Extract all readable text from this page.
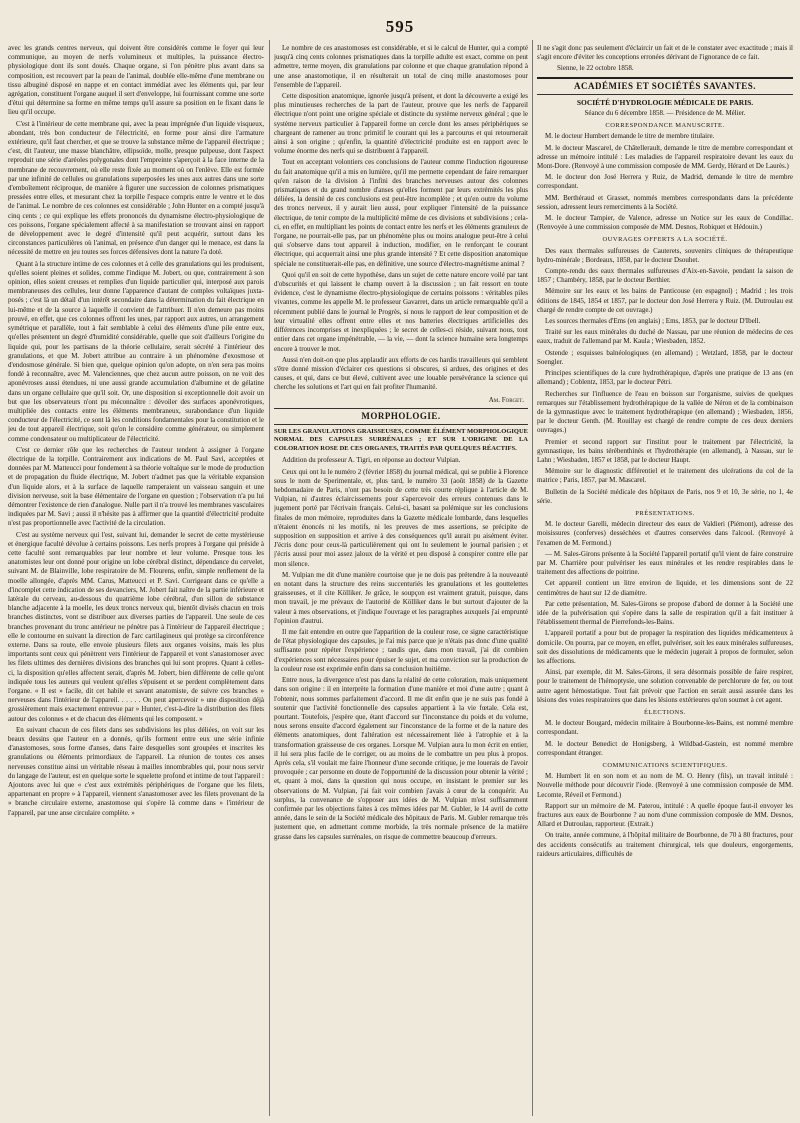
595

avec les grands centres nerveux, qui doivent être considérés comme le foyer qui leur communique, au moyen de nerfs volumineux et multiples, la puissance électro-physiologique dont ils sont doués. Chaque organe, si l'on pénètre plus avant dans sa composition, est recouvert par la peau de l'animal, doublée elle-même d'une membrane ou tissu albuginé disposé en nappe et en contact immédiat avec les éléments qui, par leur agrégation, constituent l'organe auquel il sert d'enveloppe, lui fournissant comme une sorte d'étui qui détermine sa forme en même temps qu'il assure sa position en le fixant dans le lieu qu'il occupe.

C'est à l'intérieur de cette membrane qui, avec la peau imprégnée d'un liquide visqueux, abondant, très bon conducteur de l'électricité, en forme pour ainsi dire l'armature extérieure, qu'il faut chercher, et que se trouve la substance même de l'appareil électrique ; c'est, dit l'auteur, une masse blanchâtre, ellipsoïde, molle, presque pulpeuse, dont l'aspect reproduit une série d'aréoles polygonales dont l'empreinte s'aperçoit à la face interne de la membrane de recouvrement, où elle reste fixée au moment où on l'enlève. Elle est formée par une infinité de cellules ou granulations superposées les unes aux autres dans une sorte d'emboîtement réciproque, de manière à figurer une succession de colonnes prismatiques pressées entre elles, et mesurant chez la torpille l'espace compris entre le ventre et le dos de l'animal. Le nombre de ces colonnes est considérable ; John Hunter en a compté jusqu'à cinq cents ; ce qui explique les effets prononcés du dynamisme électro-physiologique de ces poissons, l'organe spécialement affecté à sa manifestation se trouvant ainsi en rapport de développement avec le degré d'intensité qu'il peut acquérir, surtout dans les circonstances particulières où l'animal, en présence d'un danger qui le menace, est dans la nécessité de mettre en jeu toutes ses forces défensives dont la nature l'a doté.

Quant à la structure intime de ces colonnes et à celle des granulations qui les produisent, qu'elles soient pleines et solides, comme l'indique M. Jobert, ou que, contrairement à son opinion, elles soient creuses et remplies d'un liquide particulier qui, interposé aux parois membraneuses des cellules, leur donne l'apparence d'autant de comples voltaïques juxta-posés ; c'est là un détail d'un intérêt secondaire dans la détermination du fait électrique en lui-même et de la source à laquelle il convient de l'attribuer. Il n'en demeure pas moins prouvé, en effet, que ces colonnes offrent les unes, par rapport aux autres, un arrangement symétrique et parallèle, tout à fait semblable à celui des éléments d'une pile entre eux, qu'elles présentent un degré d'humidité considérable, quelle que soit d'ailleurs l'origine du liquide qui, pour les partisans de la théorie cellulaire, serait sécrété à l'intérieur des granulations, et que M. Jobert attribue au contraire à un phénomène d'exosmose et d'endosmose générale. Si bien que, quelque opinion qu'on adopte, on n'en sera pas moins fondé à reconnaître, avec M. Valenciennes, que chez aucun autre poisson, on ne voit des aponévroses aussi étendues, ni une aussi grande accumulation d'albumine et de gélatine dans un organe cellulaire que qu'il soit. Or, une disposition si exceptionnelle doit avoir un but que les observateurs n'ont pu méconnaître : dévoiler des surfaces aponévrotiques, multipliée des contacts entre les éléments membraneux, surabondance d'un liquide conducteur de l'électricité, ce sont là les conditions fondamentales pour la constitution et le jeu de tout appareil électrique, soit qu'on le considère comme générateur, ou simplement comme condensateur ou multiplicateur de l'électricité.

C'est ce dernier rôle que les recherches de l'auteur tendent à assigner à l'organe électrique de la torpille. Contrairement aux indications de M. Paul Savi, acceptées et données par M. Matteucci pour fondement à sa théorie voltaïque sur le mode de production et de propagation du fluide électrique, M. Jobert n'admet pas que la véritable expansion d'un liquide alors, et à la surface de laquelle ramperaient un vaisseau sanguin et une division nerveuse, soit la base élémentaire de l'organe en question ; l'observation n'a pu lui démontrer l'existence de rien d'analogue. Nulle part il n'a trouvé les membranes vasculaires indiquées par M. Savi ; aussi il n'hésite pas à affirmer que la quantité d'électricité produite n'est pas proportionnelle avec l'activité de la circulation.

C'est au système nerveux qui l'est, suivant lui, demander le secret de cette mystérieuse et énergique faculté dévolue à certains poissons. Les nerfs propres à l'organe qui préside à cette faculté sont remarquables par leur nombre et leur volume. Presque tous les anatomistes leur ont donné pour origine un lobe cérébral distinct, dépendance du cervelet, suivant M. de Blainville, lobe respiratoire de M. Flourens, enfin, simple renflement de la moelle allongée, d'après MM. Carus, Matteucci et P. Savi. Corrigeant dans ce qu'elle a d'incomplet cette indication de ses devanciers, M. Jobert fait naître de la partie inférieure et latérale du cerveau, au-dessous du quatrième lobe cérébral, d'un sillon de substance blanche adjacente à la moelle, les deux troncs nerveux qui, bientôt divisés chacun en trois branches distinctes, vont se distribuer aux diverses parties de l'appareil. Une seule de ces branches provenant du tronc antérieur ne pénètre pas à l'intérieur de l'appareil électrique ; elle le contourne en suivant la direction de l'arc cartilagineux qui protège sa circonférence externe. Dans sa route, elle envoie plusieurs filets aux organes voisins, mais les plus importants sont ceux qui pénètrent vers l'intérieur de l'appareil et vont s'anastomoser avec les filets ultimes des dernières divisions des branches qui lui sont propres. Quant à celles-ci, la disposition qu'elles affectent serait, d'après M. Jobert, bien différente de celle qu'ont indiquée tous les auteurs qui veulent qu'elles s'épuisent et se perdent complètement dans l'organe. « Il est » facile, dit cet habile et savant anatomiste, de suivre ces branches » nerveuses dans l'intérieur de l'appareil. . . . . . On peut apercevoir » une disposition déjà grossièrement mais exactement entrevue par » Hunter, c'est-à-dire la distribution des filets autour des colonnes » et de chacun des éléments qui les composent. »

En suivant chacun de ces filets dans ses subdivisions les plus déliées, on voit sur les beaux dessins que l'auteur en a donnés, qu'ils forment entre eux une série infinie d'anastomoses, sous forme d'anses, dans l'aire desquelles sont groupées et inscrites les granulations ou éléments primordiaux de l'appareil. La réunion de toutes ces anses nerveuses constitue ainsi un véritable réseau à mailles innombrables qui, pour nous servir du langage de l'auteur, est en quelque sorte le squelette profond et intime de tout l'appareil : Ajoutons avec lui que « c'est aux extrémités périphériques de l'organe que les filets, appartenant en propre » à l'appareil, viennent s'anastomoser avec les filets provenant de la » branche circulaire externe, anastomose qui s'opère là comme dans » l'intérieur de l'appareil, par une anse circulaire complète. »

Le nombre de ces anastomoses est considérable, et si le calcul de Hunter, qui a compté jusqu'à cinq cents colonnes prismatiques dans la torpille adulte est exact, comme on peut admettre, terme moyen, dix granulations par colonne et que chaque granulation répond à une anse anastomotique, il en résulterait un total de cinq mille anastomoses pour l'ensemble de l'appareil.

Cette disposition anatomique, ignorée jusqu'à présent, et dont la découverte a exigé les plus minutieuses recherches de la part de l'auteur, prouve que les nerfs de l'appareil électrique n'ont point une origine spéciale et distincte du système nerveux général ; que le système nerveux particulier à l'appareil forme un cercle dont les anses périphériques se chargeant de ramener au tronc primitif le courant qui les a parcourus et qui retournerait ainsi à son origine ; qu'enfin, la quantité d'électricité produite est en rapport avec le volume énorme des nerfs qui se distribuent à l'appareil.

Tout en acceptant volontiers ces conclusions de l'auteur comme l'induction rigoureuse du fait anatomique qu'il a mis en lumière, qu'il me permette cependant de faire remarquer qu'en raison de la division à l'infini des branches nerveuses autour des colonnes prismatiques et du grand nombre d'anses qu'elles forment par leurs extrémités les plus déliées, la densité de ces conclusions est peut-être incomplète ; et qu'en outre du volume des troncs nerveux, il y aurait lieu aussi, pour expliquer l'intensité de la puissance électrique, de tenir compte de la multiplicité même de ces divisions et subdivisions ; cela-ci, en effet, en multipliant les points de contact entre les nerfs et les éléments granuleux de l'organe, ne pourrait-elle pas, par un phénomène plus ou moins analogue peut-être à celui qui s'observe dans tout appareil à induction, modifier, en le renforçant le courant électrique, qui acquerrait ainsi une plus grande intensité ? Et cette disposition anatomique spéciale ne constituerait-elle pas, en définitive, une source d'électro-magnétisme animal ?

Quoi qu'il en soit de cette hypothèse, dans un sujet de cette nature encore voilé par tant d'obscurités et qui laissent le champ ouvert à la discussion ; un fait ressort en toute évidence, c'est le dynamisme électro-physiologique de certains poissons : véritables piles vivantes, comme les appelle M. le professeur Gavarret, dans un article remarquable qu'il a récemment publié dans le journal le Progrès, si nous le rapport de leur composition et de leur virtualité elles offrent entre elles et nos batteries électriques artificielles des différences incomprises et inexpliquées ; le secret de celles-ci réside, suivant nous, tout entier dans cet organe impénétrable, — la vie, — dont la science humaine sera longtemps encore à trouver le mot.

Aussi n'en doit-on que plus applaudir aux efforts de ces hardis travailleurs qui semblent s'être donné mission d'éclairer ces questions si obscures, si ardues, des origines et des causes, et qui, dans ce but élevé, cultivent avec une louable persévérance la science qui cherche les solutions et l'art qui en fait profiter l'humanité.

Am. Forget.
MORPHOLOGIE.
SUR LES GRANULATIONS GRAISSEUSES, COMME ÉLÉMENT MORPHOLOGIQUE NORMAL DES CAPSULES SURRÉNALES ; ET SUR L'ORIGINE DE LA COLORATION ROSE DE CES ORGANES, TRAITÉS PAR QUELQUES RÉACTIFS.

Addition du professeur A. Tigri, en réponse au docteur Vulpian.

Ceux qui ont lu le numéro 2 (février 1858) du journal médical, qui se publie à Florence sous le nom de Sperimentale, et, plus tard, le numéro 33 (août 1858) de la Gazette hebdomadaire de Paris, n'ont pas besoin de cette très courte réplique à l'article de M. Vulpian, ni d'autres éclaircissements pour s'apercevoir des erreurs contenues dans le jugement porté par l'écrivain français. Celui-ci, basant sa polémique sur les conclusions finales de mon mémoire, reproduites dans la Gazette médicale lombarde, dans lesquelles n'étaient énoncés ni les motifs, ni les preuves de mes assertions, se précipite de supposition en supposition et arrive à des conséquences qu'il aurait pu aisément éviter. J'écris donc pour ceux-là particulièrement qui ont lu seulement le journal parisien ; et j'écris aussi pour moi assez jaloux de la vérité et peu disposé à conspirer contre elle par mon silence.

M. Vulpian me dit d'une manière courtoise que je ne dois pas prétendre à la nouveauté en notant dans la structure des reins succenturiés les granulations et les gouttelettes graisseuses, et il cite Kölliker. Je grâce, le soupçon est vraiment gratuit, puisque, dans mon travail, je me prévaux de l'autorité de Kölliker dans le but surtout d'ajouter de la valeur à mes observations, et j'indique l'ouvrage et les paragraphes auxquels j'ai emprunté l'opinion d'autrui.

Il me fait entendre en outre que l'apparition de la couleur rose, ce signe caractéristique de l'état physiologique des capsules, je l'ai mis parce que je n'étais pas donc d'une qualité suffisante pour répéter l'expérience ; tandis que, dans mon travail, j'ai dit combien d'expériences sont nécessaires pour épuiser le sujet, et ma conviction sur la production de la couleur rose est exprimée enfin dans sa conclusion huitième.

Entre nous, la divergence n'est pas dans la réalité de cette coloration, mais uniquement dans son origine : il en interprète la formation d'une manière et moi d'une autre ; quant à l'obtenir, nous sommes parfaitement d'accord. Il me dit enfin que je ne suis pas fondé à soutenir que l'activité fonctionnelle des capsules appartient à la vie fœtale. Cela est, pourtant. Toutefois, j'espère que, étant d'accord sur l'inconstance du poids et du volume, nous serons ensuite d'accord également sur l'inconstance de la forme et de la nature des éléments anatomiques, dont l'altération est nécessairement liée à l'atrophie et à la transformation graisseuse de ces organes. Lorsque M. Vulpian aura lu mon écrit en entier, il lui sera plus facile de le corriger, ou au moins de le combattre un peu plus à propos. Après cela, s'il voulait me faire l'honneur d'une seconde critique, je me louerais de l'avoir provoquée ; car personne en doute de l'opportunité de la discussion pour obtenir la vérité ; et, quant à moi, dans la question qui nous occupe, en insistant le premier sur les observations de M. Vulpian, j'ai fait voir combien j'avais à cœur de la conquérir. Au surplus, la convenance de s'opposer aux idées de M. Vulpian m'est suffisamment confirmée par les objections faites à ces mêmes idées par M. Gubler, le 14 avril de cette année, dans le sein de la Société médicale des hôpitaux de Paris. M. Gubler remarque très justement que, en admettant comme morbide, la très normale présence de la matière grasse dans les capsules surrénales, on risque de commettre beaucoup d'erreurs.

Il ne s'agit donc pas seulement d'éclaircir un fait et de le constater avec exactitude ; mais il s'agit encore d'éviter les conceptions erronées dérivant de l'ignorance de ce fait.

Sienne, le 22 octobre 1858.

ACADÉMIES ET SOCIÉTÉS SAVANTES.
SOCIÉTÉ D'HYDROLOGIE MÉDICALE DE PARIS.

Séance du 6 décembre 1858. — Présidence de M. Mélier.

CORRESPONDANCE MANUSCRITE.

M. le docteur Humbert demande le titre de membre titulaire.

M. le docteur Mascarel, de Châtellerault, demande le titre de membre correspondant et adresse un mémoire intitulé : Les maladies de l'appareil respiratoire devant les eaux du Mont-Dore. (Renvoyé à une commission composée de MM. Gerdy, Hérard et De Laurès.)

M. le docteur don José Herrera y Ruiz, de Madrid, demande le titre de membre correspondant.

MM. Berthéraud et Grasset, nommés membres correspondants dans la précédente session, adressent leurs remerciments à la Société.

M. le docteur Tampier, de Valence, adresse un Notice sur les eaux de Condillac. (Renvoyée à une commission composée de MM. Desnos, Robiquet et Hédouin.)

OUVRAGES OFFERTS A LA SOCIÉTÉ.

Des eaux thermales sulfureuses de Cauterets, souvenirs cliniques de thérapeutique hydro-minérale ; Bordeaux, 1858, par le docteur Dsouhet.

Compte-rendu des eaux thermales sulfureuses d'Aix-en-Savoie, pendant la saison de 1857 ; Chambéry, 1858, par le docteur Berthier.

Mémoire sur les eaux et les bains de Panticouse (en espagnol) ; Madrid ; les trois éditions de 1845, 1854 et 1857, par le docteur don José Herrera y Ruiz. (M. Dutroulau est chargé de rendre compte de cet ouvrage.)

Les sources thermales d'Ems (en anglais) ; Ems, 1853, par le docteur D'Ibell.

Traité sur les eaux minérales du duché de Nassau, par une réunion de médecins de ces eaux, traduit de l'allemand par M. Kaula ; Wiesbaden, 1852.

Ostende ; esquisses balnéologiques (en allemand) ; Wetzlard, 1858, par le docteur Soengler.

Principes scientifiques de la cure hydrothérapique, d'après une pratique de 13 ans (en allemand) ; Coblentz, 1853, par le docteur Pétri.

Recherches sur l'influence de l'eau en boisson sur l'organisme, suivies de quelques remarques sur l'établissement hydrothérapique de la vallée de Néron et de la combinaison de la gymnastique avec le traitement hydrothérapique (en allemand) ; Wiesbaden, 1856, par le docteur Genth. (M. Rouillay est chargé de rendre compte de ces deux derniers ouvrages.)

Premier et second rapport sur l'institut pour le traitement par l'électricité, la gymnastique, les bains térébenthinés et l'hydrothérapie (en allemand), à Nassau, sur le Lahn ; Wiesbaden, 1857 et 1858, par le docteur Haupt.

Mémoire sur le diagnostic différentiel et le traitement des ulcérations du col de la matrice ; Paris, 1857, par M. Mascarel.

Bulletin de la Société médicale des hôpitaux de Paris, nos 9 et 10, 3e série, no 1, 4e série.

PRÉSENTATIONS.

M. le docteur Garelli, médecin directeur des eaux de Valdieri (Piémont), adresse des moisissures (conferves) desséchées et d'autres conservées dans l'alcool. (Renvoyé à l'examen de M. Fermond.)

— M. Sales-Girons présente à la Société l'appareil portatif qu'il vient de faire construire par M. Charrière pour pulvériser les eaux minérales et les rendre respirables dans le traitement des affections de poitrine.

Cet appareil contient un litre environ de liquide, et les dimensions sont de 22 centimètres de haut sur 12 de diamètre.

Par cette présentation, M. Sales-Girons se propose d'abord de donner à la Société une idée de la pulvérisation qui s'opère dans la salle de respiration qu'il a fait instituer à l'établissement thermal de Pierrefonds-les-Bains.

L'appareil portatif a pour but de propager la respiration des liquides médicamenteux à domicile. On pourra, par ce moyen, en effet, pulvériser, soit les eaux minérales sulfureuses, soit des dissolutions de médicaments que le médecin jugerait à propos de formuler, selon les affections.

Ainsi, par exemple, dit M. Sales-Girons, il sera désormais possible de faire respirer, pour le traitement de l'hémoptysie, une solution convenable de perchlorure de fer, ou tout autre agent hémostatique. Tout fait prévoir que l'action en serait aussi assurée dans les lésions des voies respiratoires que dans les lésions extérieures qu'on soumet à cet agent.

ÉLECTIONS.

M. le docteur Bougard, médecin militaire à Bourbonne-les-Bains, est nommé membre correspondant.

M. le docteur Benedict de Honigsberg, à Wildbad-Gastein, est nommé membre correspondant étranger.

COMMUNICATIONS SCIENTIFIQUES.

M. Humbert lit en son nom et au nom de M. O. Henry (fils), un travail intitulé : Nouvelle méthode pour découvrir l'iode. (Renvoyé à une commission composée de MM. Lecomte, Réveil et Fermond.)

Rapport sur un mémoire de M. Paterou, intitulé : A quelle époque faut-il envoyer les fractures aux eaux de Bourbonne ? au nom d'une commission composée de MM. Desnos, Allard et Dutroulau, rapporteur. (Extrait.)

On traite, année commune, à l'hôpital militaire de Bourbonne, de 70 à 80 fractures, pour des accidents consécutifs au traitement chirurgical, tels que douleurs, engorgements, raideurs articulaires, difficultés de
